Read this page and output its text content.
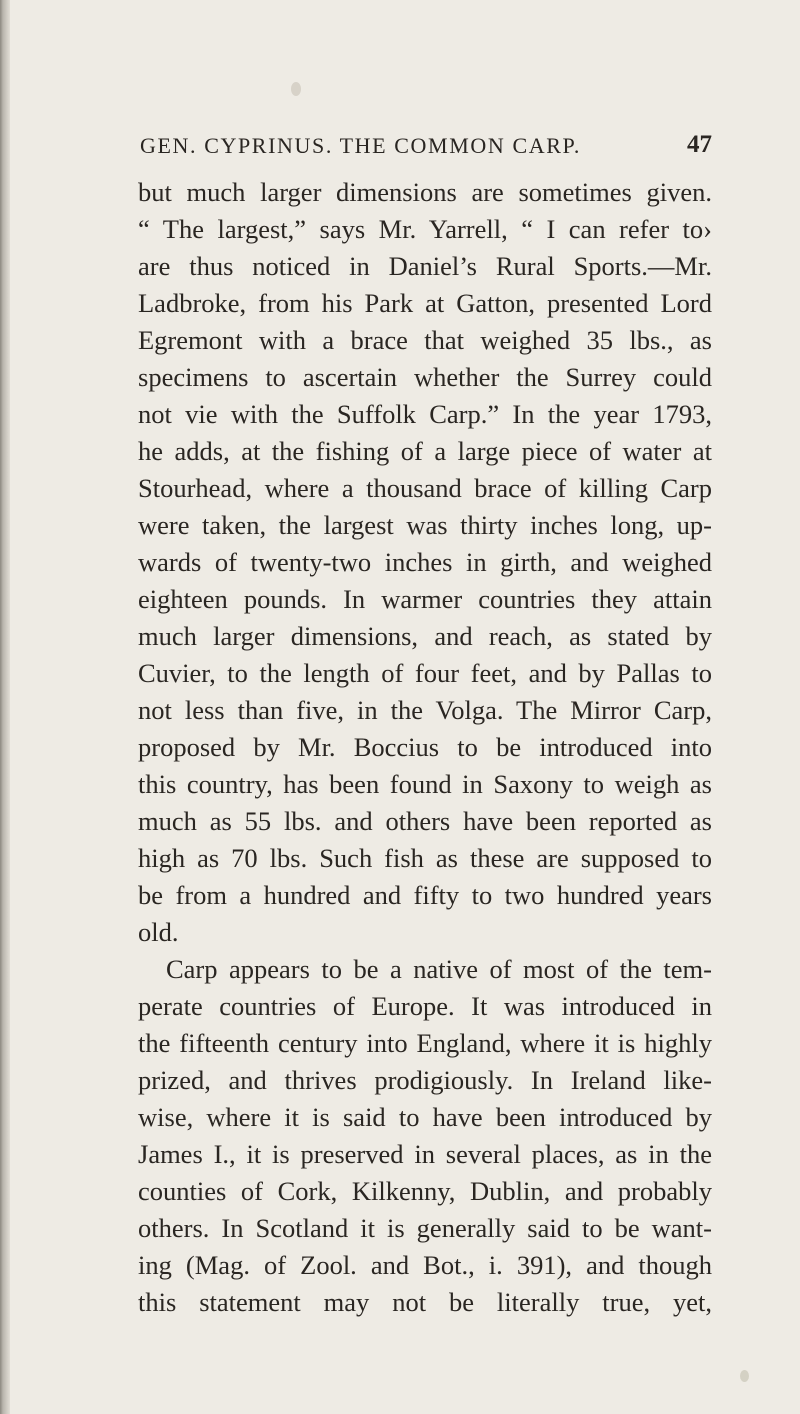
GEN. CYPRINUS. THE COMMON CARP.	47
but much larger dimensions are sometimes given.
“ The largest,” says Mr. Yarrell, “ I can refer to›
are thus noticed in Daniel’s Rural Sports.—Mr.
Ladbroke, from his Park at Gatton, presented Lord
Egremont with a brace that weighed 35 lbs., as
specimens to ascertain whether the Surrey could
not vie with the Suffolk Carp.” In the year 1793,
he adds, at the fishing of a large piece of water at
Stourhead, where a thousand brace of killing Carp
were taken, the largest was thirty inches long, up-
wards of twenty-two inches in girth, and weighed
eighteen pounds. In warmer countries they attain
much larger dimensions, and reach, as stated by
Cuvier, to the length of four feet, and by Pallas to
not less than five, in the Volga. The Mirror Carp,
proposed by Mr. Boccius to be introduced into
this country, has been found in Saxony to weigh as
much as 55 lbs. and others have been reported as
high as 70 lbs. Such fish as these are supposed to
be from a hundred and fifty to two hundred years
old.
Carp appears to be a native of most of the tem-
perate countries of Europe. It was introduced in
the fifteenth century into England, where it is highly
prized, and thrives prodigiously. In Ireland like-
wise, where it is said to have been introduced by
James I., it is preserved in several places, as in the
counties of Cork, Kilkenny, Dublin, and probably
others. In Scotland it is generally said to be want-
ing (Mag. of Zool. and Bot., i. 391), and though
this statement may not be literally true, yet,
